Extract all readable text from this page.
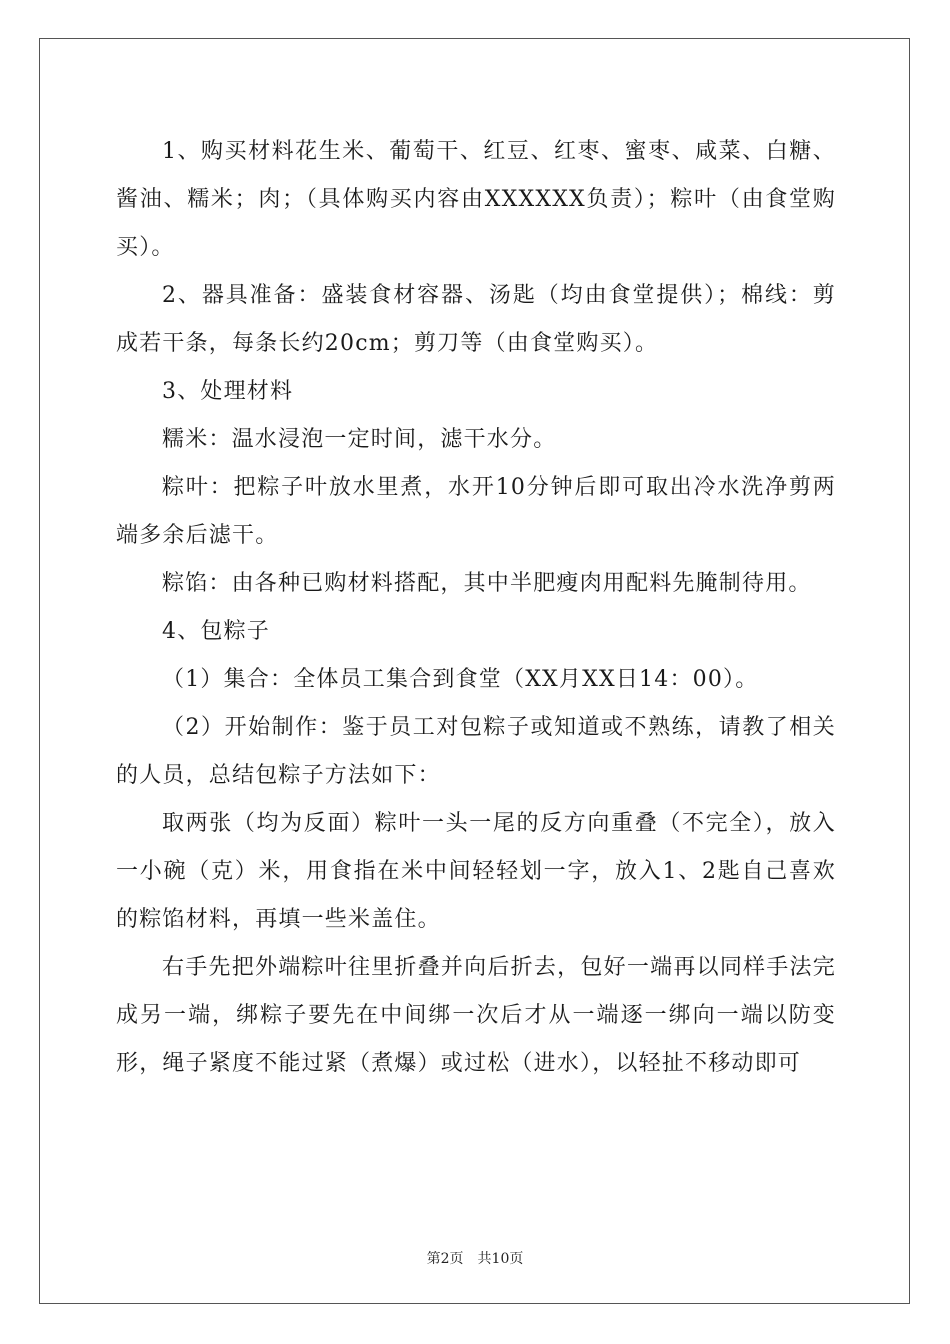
1、购买材料花生米、葡萄干、红豆、红枣、蜜枣、咸菜、白糖、酱油、糯米；肉；（具体购买内容由XXXXXX负责）；粽叶（由食堂购买）。

2、器具准备：盛装食材容器、汤匙（均由食堂提供）；棉线：剪成若干条，每条长约20cm；剪刀等（由食堂购买）。

3、处理材料

糯米：温水浸泡一定时间，滤干水分。

粽叶：把粽子叶放水里煮，水开10分钟后即可取出冷水洗净剪两端多余后滤干。

粽馅：由各种已购材料搭配，其中半肥瘦肉用配料先腌制待用。

4、包粽子

（1）集合：全体员工集合到食堂（XX月XX日14：00）。

（2）开始制作：鉴于员工对包粽子或知道或不熟练，请教了相关的人员，总结包粽子方法如下：

取两张（均为反面）粽叶一头一尾的反方向重叠（不完全），放入一小碗（克）米，用食指在米中间轻轻划一字，放入1、2匙自己喜欢的粽馅材料，再填一些米盖住。

右手先把外端粽叶往里折叠并向后折去，包好一端再以同样手法完成另一端，绑粽子要先在中间绑一次后才从一端逐一绑向一端以防变形，绳子紧度不能过紧（煮爆）或过松（进水），以轻扯不移动即可

第2页 共10页
